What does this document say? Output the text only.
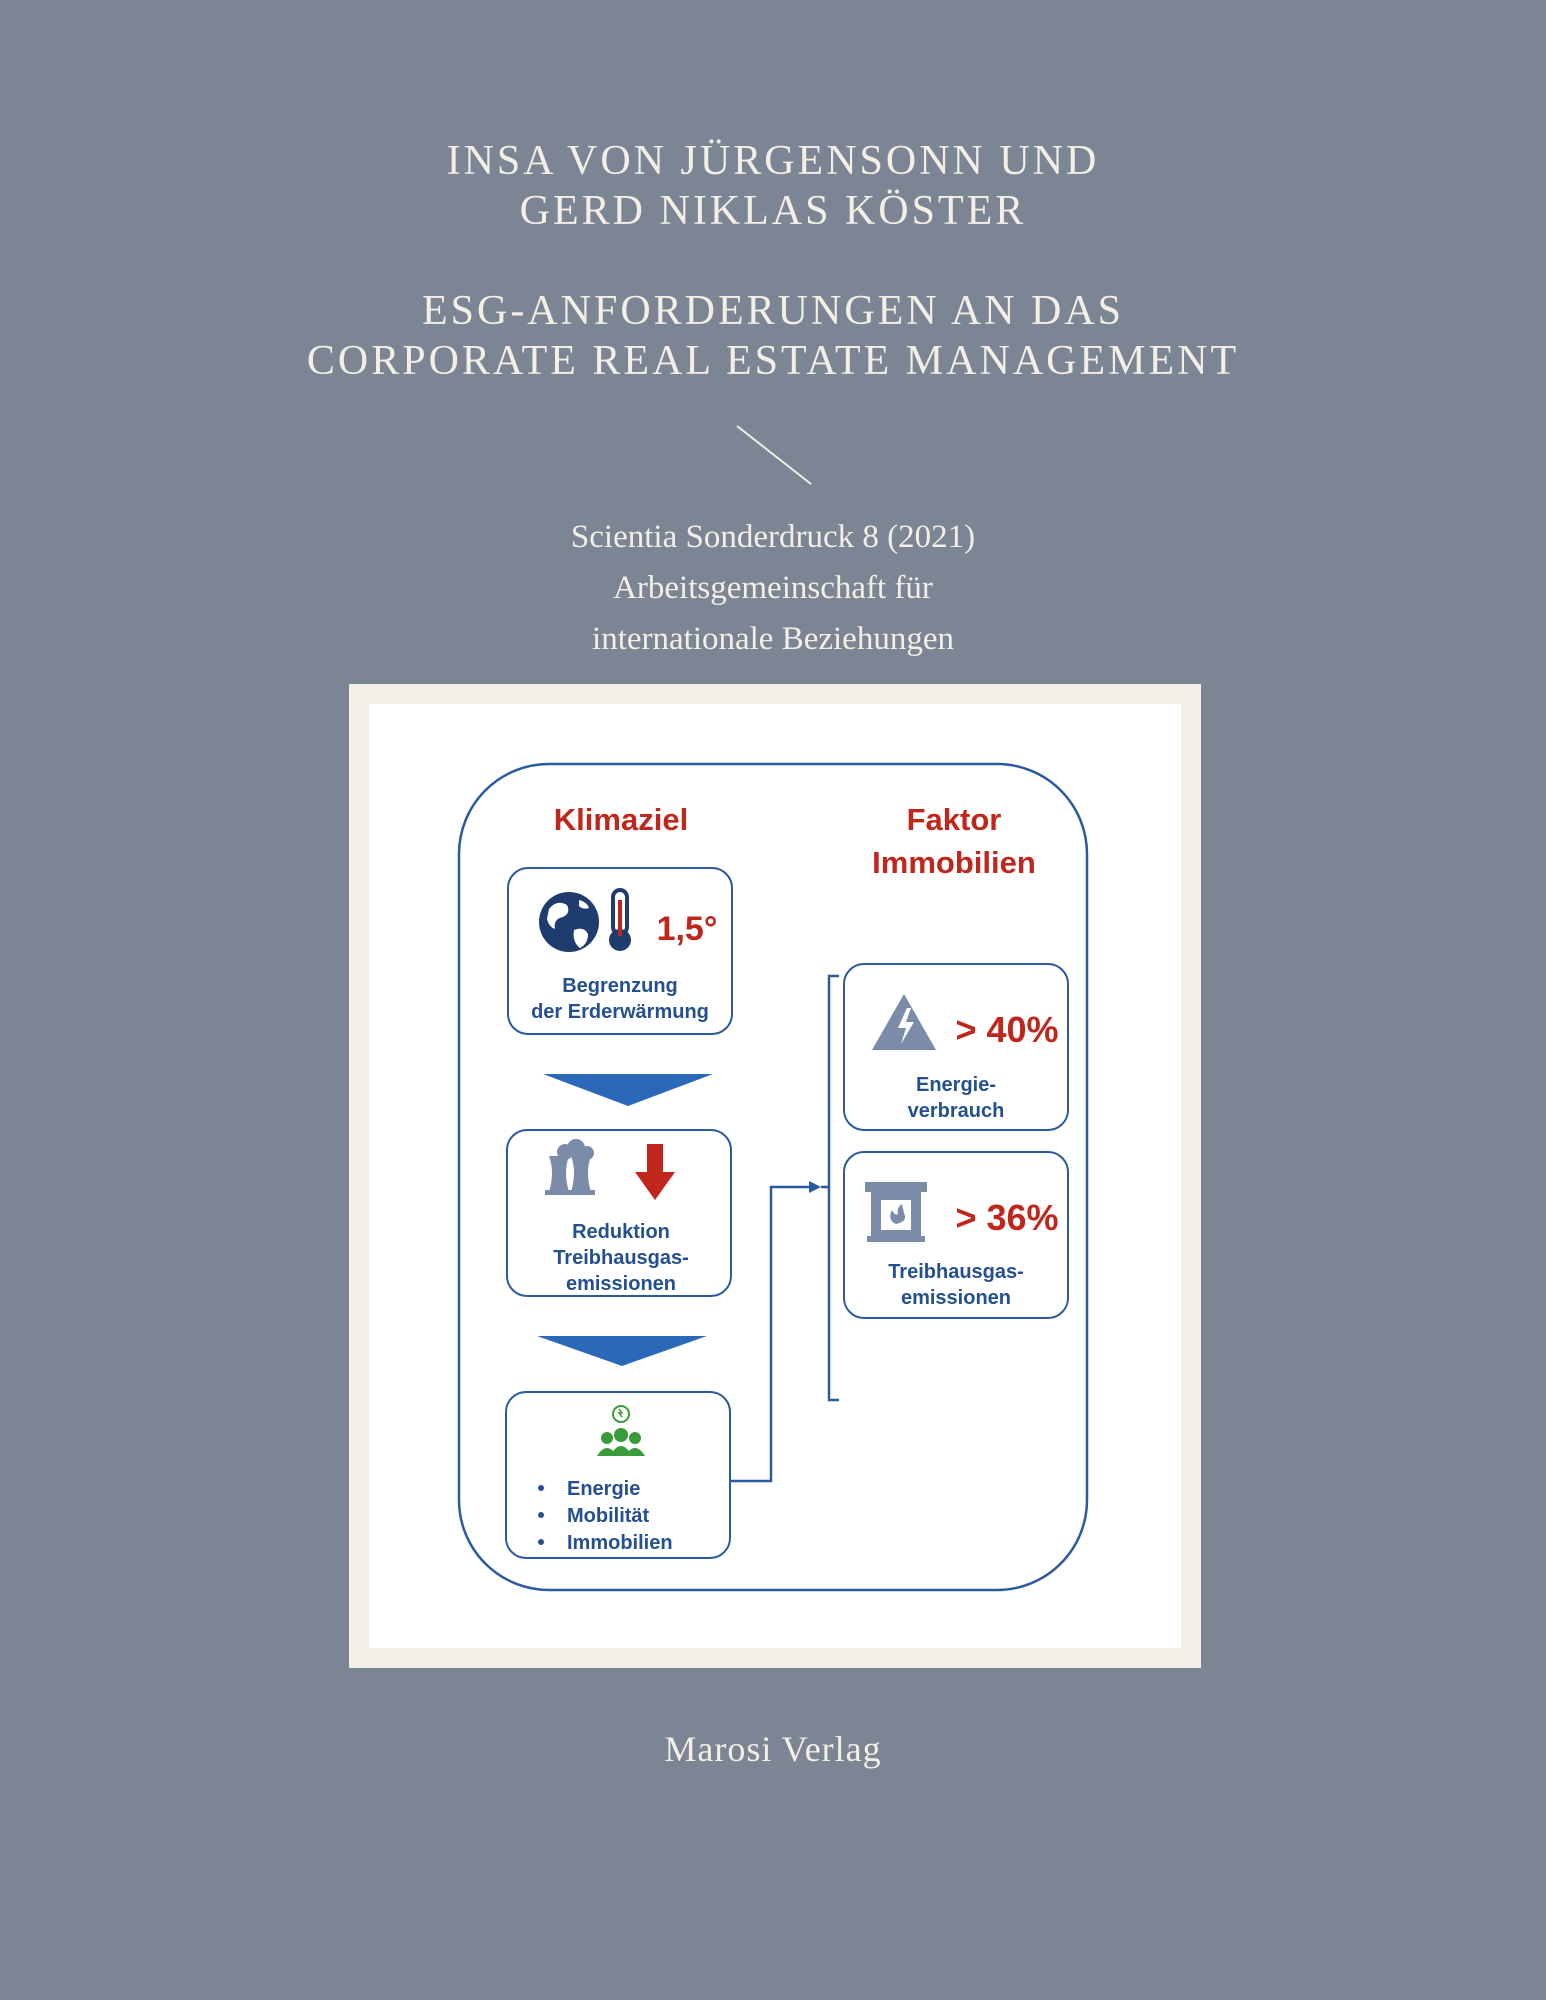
INSA VON JÜRGENSONN UND
GERD NIKLAS KÖSTER
ESG-ANFORDERUNGEN AN DAS
CORPORATE REAL ESTATE MANAGEMENT
Scientia Sonderdruck 8 (2021)
Arbeitsgemeinschaft für
internationale Beziehungen
Klimaziel	Faktor
Immobilien
1,5°
Begrenzung
der Erderwärmung
Reduktion
Treibhausgas-
emissionen
Energie
Mobilität
Immobilien
> 40%
Energie-
verbrauch
> 36%
Treibhausgas-
emissionen
Marosi Verlag
